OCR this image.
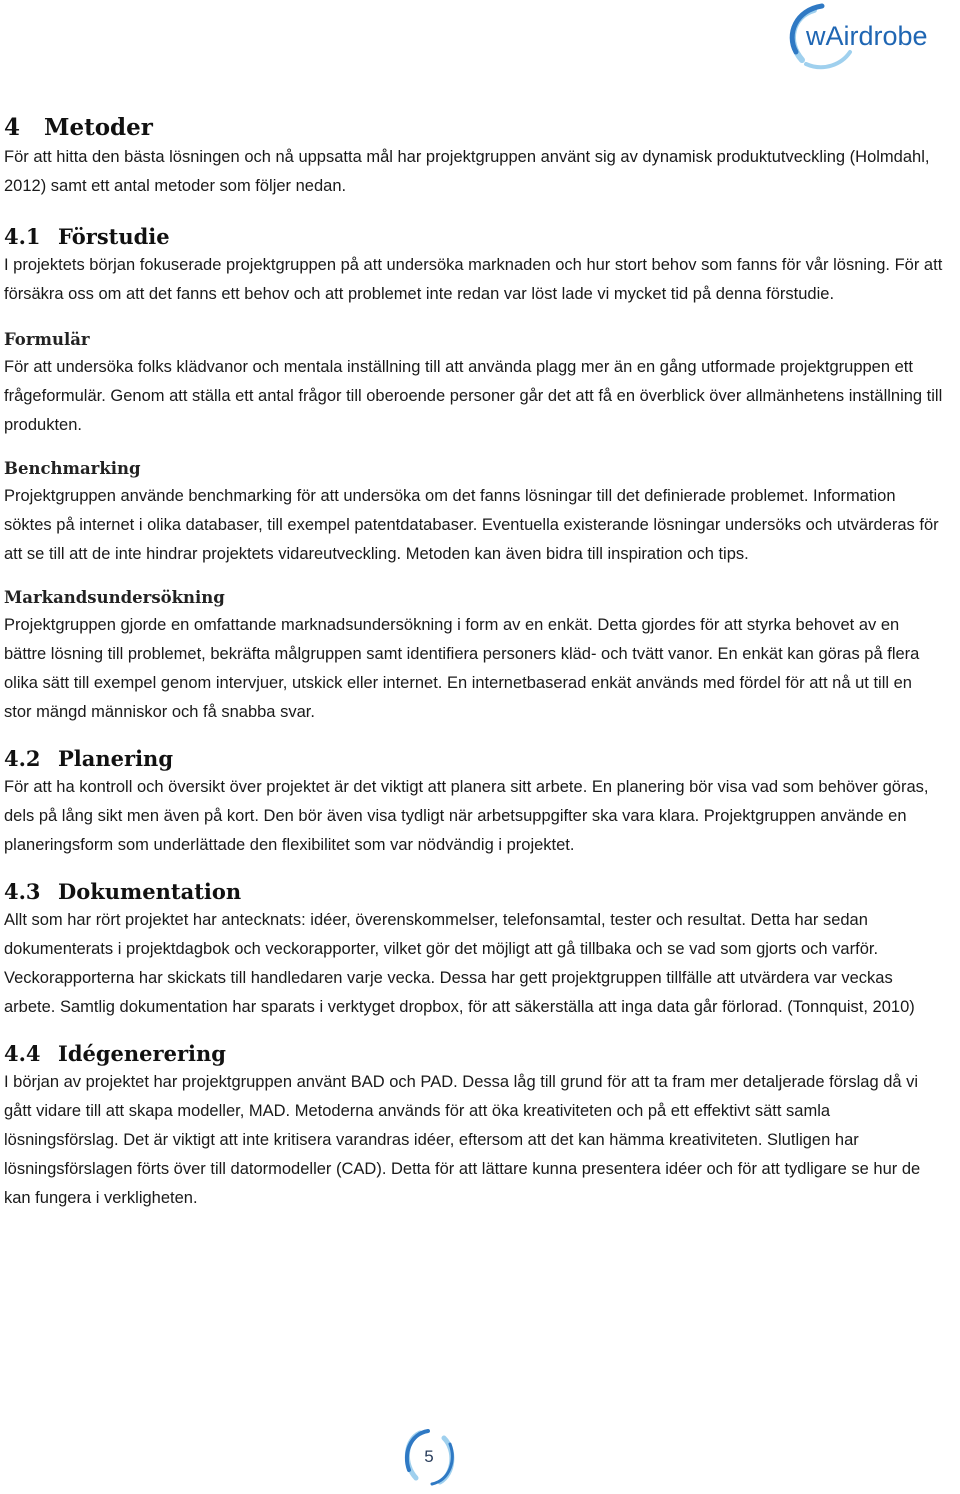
wAirdrobe
4 Metoder

För att hitta den bästa lösningen och nå uppsatta mål har projektgruppen använt sig av dynamisk produktutveckling (Holmdahl, 2012) samt ett antal metoder som följer nedan.

4.1 Förstudie

I projektets början fokuserade projektgruppen på att undersöka marknaden och hur stort behov som fanns för vår lösning. För att försäkra oss om att det fanns ett behov och att problemet inte redan var löst lade vi mycket tid på denna förstudie.

Formulär

För att undersöka folks klädvanor och mentala inställning till att använda plagg mer än en gång utformade projektgruppen ett frågeformulär. Genom att ställa ett antal frågor till oberoende personer går det att få en överblick över allmänhetens inställning till produkten.

Benchmarking

Projektgruppen använde benchmarking för att undersöka om det fanns lösningar till det definierade problemet. Information söktes på internet i olika databaser, till exempel patentdatabaser. Eventuella existerande lösningar undersöks och utvärderas för att se till att de inte hindrar projektets vidareutveckling. Metoden kan även bidra till inspiration och tips.

Markandsundersökning

Projektgruppen gjorde en omfattande marknadsundersökning i form av en enkät. Detta gjordes för att styrka behovet av en bättre lösning till problemet, bekräfta målgruppen samt identifiera personers kläd- och tvätt vanor. En enkät kan göras på flera olika sätt till exempel genom intervjuer, utskick eller internet. En internetbaserad enkät används med fördel för att nå ut till en stor mängd människor och få snabba svar.

4.2 Planering

För att ha kontroll och översikt över projektet är det viktigt att planera sitt arbete. En planering bör visa vad som behöver göras, dels på lång sikt men även på kort. Den bör även visa tydligt när arbetsuppgifter ska vara klara. Projektgruppen använde en planeringsform som underlättade den flexibilitet som var nödvändig i projektet.

4.3 Dokumentation

Allt som har rört projektet har antecknats: idéer, överenskommelser, telefonsamtal, tester och resultat. Detta har sedan dokumenterats i projektdagbok och veckorapporter, vilket gör det möjligt att gå tillbaka och se vad som gjorts och varför. Veckorapporterna har skickats till handledaren varje vecka. Dessa har gett projektgruppen tillfälle att utvärdera var veckas arbete. Samtlig dokumentation har sparats i verktyget dropbox, för att säkerställa att inga data går förlorad. (Tonnquist, 2010)

4.4 Idégenerering

I början av projektet har projektgruppen använt BAD och PAD. Dessa låg till grund för att ta fram mer detaljerade förslag då vi gått vidare till att skapa modeller, MAD. Metoderna används för att öka kreativiteten och på ett effektivt sätt samla lösningsförslag. Det är viktigt att inte kritisera varandras idéer, eftersom att det kan hämma kreativiteten. Slutligen har lösningsförslagen förts över till datormodeller (CAD). Detta för att lättare kunna presentera idéer och för att tydligare se hur de kan fungera i verkligheten.

5
